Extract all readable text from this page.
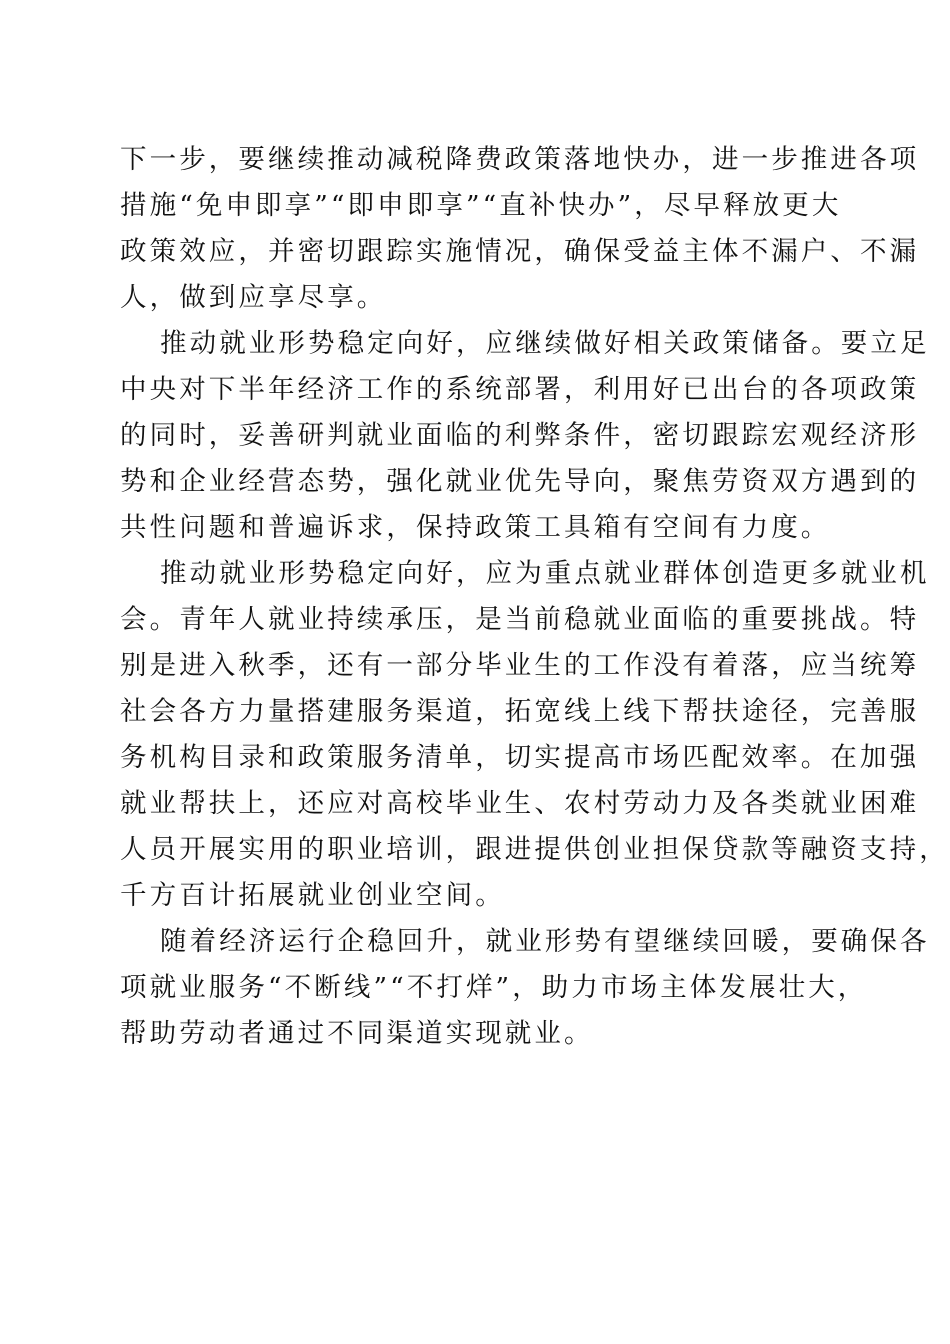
下一步，要继续推动减税降费政策落地快办，进一步推进各项
措施“免申即享”“即申即享”“直补快办”，尽早释放更大
政策效应，并密切跟踪实施情况，确保受益主体不漏户、不漏
人，做到应享尽享。
推动就业形势稳定向好，应继续做好相关政策储备。要立足
中央对下半年经济工作的系统部署，利用好已出台的各项政策
的同时，妥善研判就业面临的利弊条件，密切跟踪宏观经济形
势和企业经营态势，强化就业优先导向，聚焦劳资双方遇到的
共性问题和普遍诉求，保持政策工具箱有空间有力度。
推动就业形势稳定向好，应为重点就业群体创造更多就业机
会。青年人就业持续承压，是当前稳就业面临的重要挑战。特
别是进入秋季，还有一部分毕业生的工作没有着落，应当统筹
社会各方力量搭建服务渠道，拓宽线上线下帮扶途径，完善服
务机构目录和政策服务清单，切实提高市场匹配效率。在加强
就业帮扶上，还应对高校毕业生、农村劳动力及各类就业困难
人员开展实用的职业培训，跟进提供创业担保贷款等融资支持，
千方百计拓展就业创业空间。
随着经济运行企稳回升，就业形势有望继续回暖，要确保各
项就业服务“不断线”“不打烊”，助力市场主体发展壮大，
帮助劳动者通过不同渠道实现就业。
